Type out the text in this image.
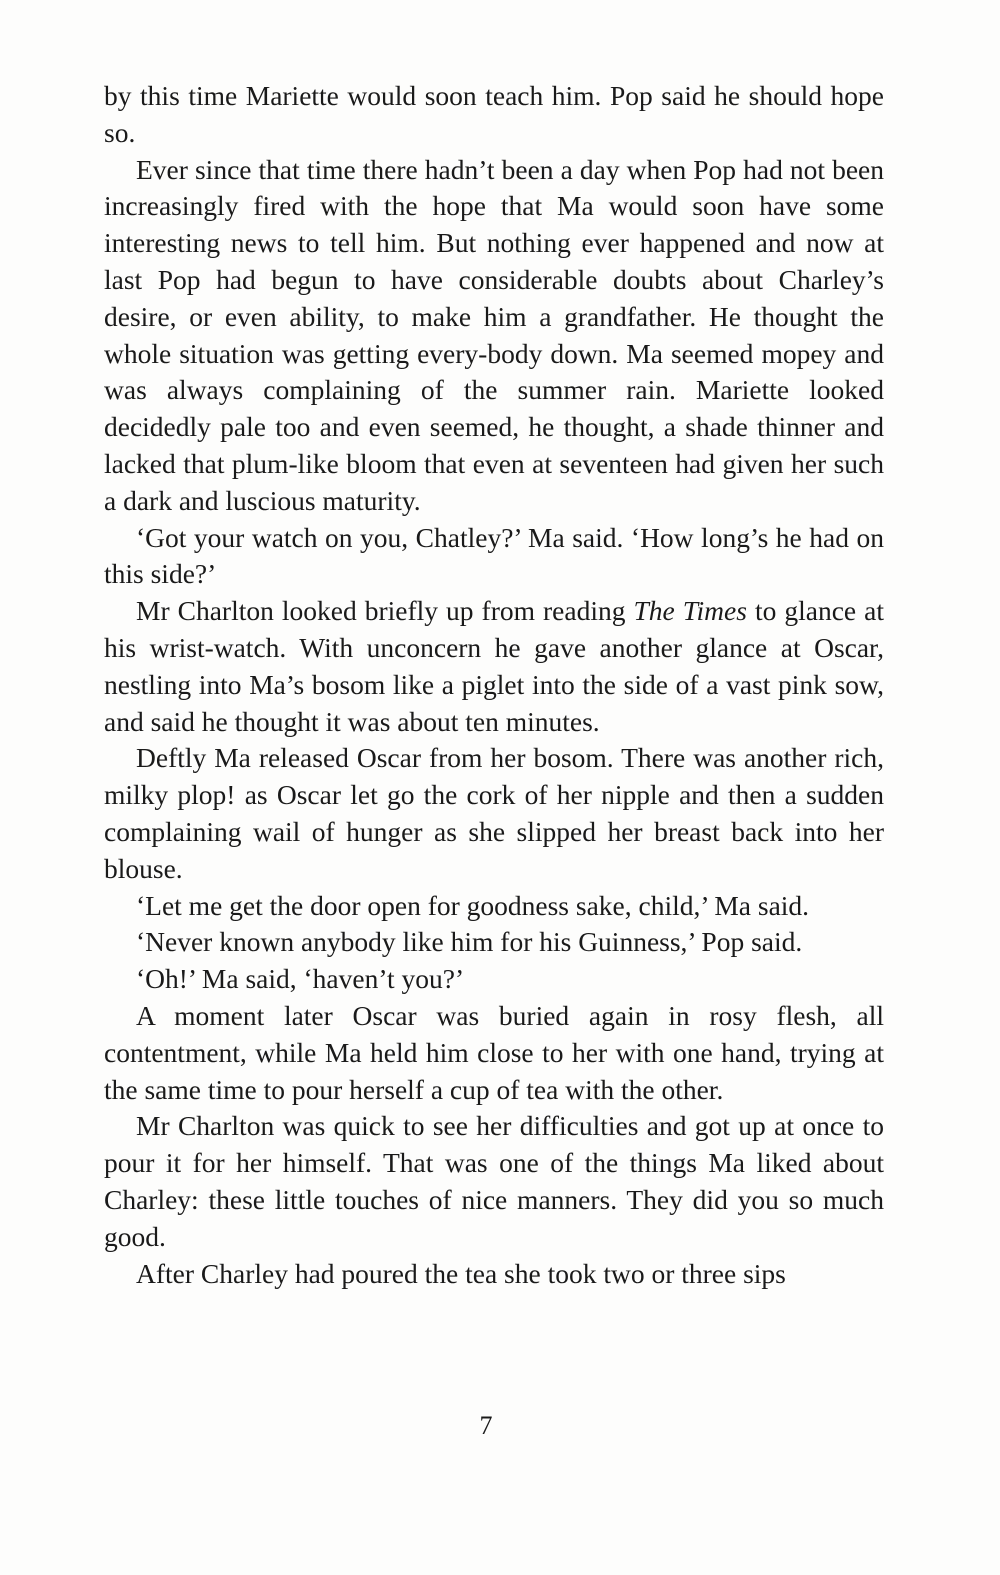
by this time Mariette would soon teach him. Pop said he should hope so.

Ever since that time there hadn’t been a day when Pop had not been increasingly fired with the hope that Ma would soon have some interesting news to tell him. But nothing ever happened and now at last Pop had begun to have considerable doubts about Charley’s desire, or even ability, to make him a grandfather. He thought the whole situation was getting every-body down. Ma seemed mopey and was always complaining of the summer rain. Mariette looked decidedly pale too and even seemed, he thought, a shade thinner and lacked that plum-like bloom that even at seventeen had given her such a dark and luscious maturity.

‘Got your watch on you, Chatley?’ Ma said. ‘How long’s he had on this side?’

Mr Charlton looked briefly up from reading The Times to glance at his wrist-watch. With unconcern he gave another glance at Oscar, nestling into Ma’s bosom like a piglet into the side of a vast pink sow, and said he thought it was about ten minutes.

Deftly Ma released Oscar from her bosom. There was another rich, milky plop! as Oscar let go the cork of her nipple and then a sudden complaining wail of hunger as she slipped her breast back into her blouse.

‘Let me get the door open for goodness sake, child,’ Ma said.

‘Never known anybody like him for his Guinness,’ Pop said.

‘Oh!’ Ma said, ‘haven’t you?’

A moment later Oscar was buried again in rosy flesh, all contentment, while Ma held him close to her with one hand, trying at the same time to pour herself a cup of tea with the other.

Mr Charlton was quick to see her difficulties and got up at once to pour it for her himself. That was one of the things Ma liked about Charley: these little touches of nice manners. They did you so much good.

After Charley had poured the tea she took two or three sips

7
